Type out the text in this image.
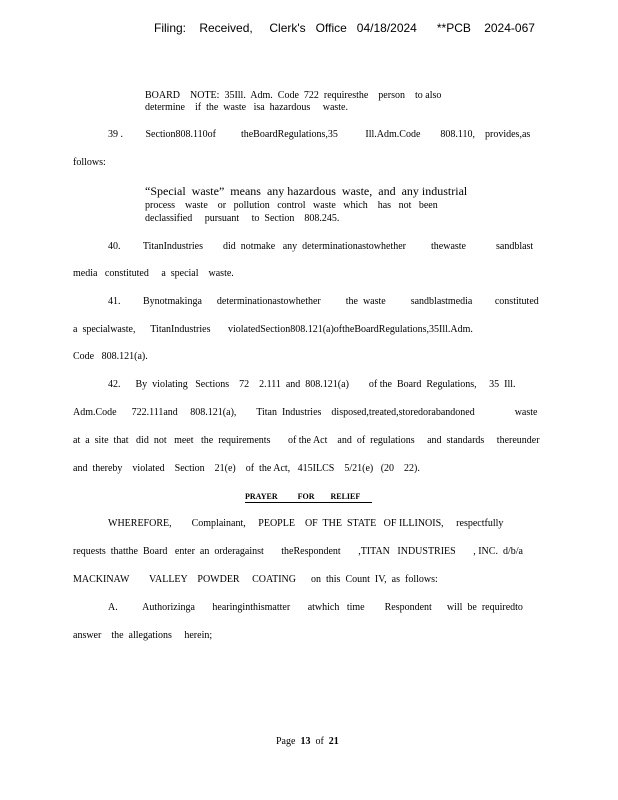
Filing:    Received,     Clerk's   Office   04/18/2024      **PCB    2024-067
BOARD    NOTE:  35Ill.  Adm.  Code  722  requiresthe    person    to also
determine    if  the  waste   isa  hazardous     waste.
39 .         Section808.110of          theBoardRegulations,35           Ill.Adm.Code        808.110,    provides,as
follows:
“Special  waste”  means  any hazardous  waste,  and  any industrial
process    waste    or   pollution   control   waste   which    has   not   been
declassified     pursuant     to  Section    808.245.
40.         TitanIndustries        did  notmake   any  determinationastowhether          thewaste            sandblast
media   constituted     a  special    waste.
41.         Bynotmakinga      determinationastowhether          the  waste          sandblastmedia         constituted
a  specialwaste,      TitanIndustries       violatedSection808.121(a)oftheBoardRegulations,35Ill.Adm.
Code   808.121(a).
42.      By  violating   Sections    72    2.111  and  808.121(a)        of the  Board  Regulations,     35  Ill.
Adm.Code      722.111and     808.121(a),        Titan  Industries    disposed,treated,storedorabandoned                waste
at  a  site  that   did  not   meet   the  requirements       of the Act    and  of  regulations     and  standards     thereunder
and  thereby    violated    Section    21(e)    of  the Act,   415ILCS    5/21(e)   (20    22).
PRAYER          FOR        RELIEF
WHEREFORE,        Complainant,     PEOPLE    OF  THE  STATE   OF ILLINOIS,     respectfully
requests  thatthe  Board   enter  an  orderagainst       theRespondent       ,TITAN   INDUSTRIES       , INC.  d/b/a
MACKINAW        VALLEY    POWDER     COATING      on  this  Count  IV,  as  follows:
A.          Authorizinga       hearinginthismatter       atwhich   time        Respondent      will  be  requiredto
answer    the  allegations     herein;
Page 13 of 21
